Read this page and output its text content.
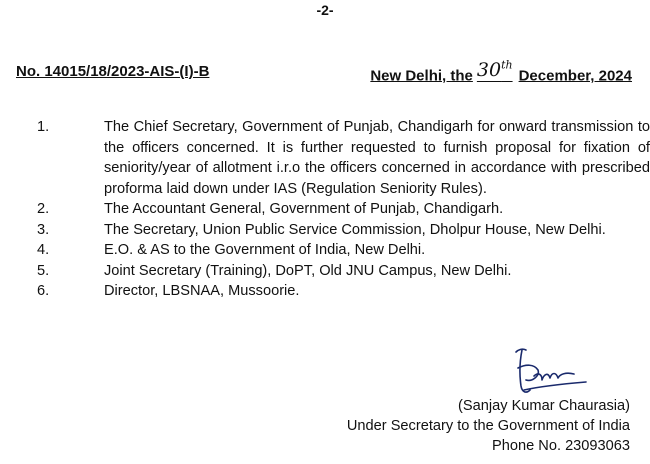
-2-
No. 14015/18/2023-AIS-(I)-B	New Delhi, the 30thDecember, 2024
1.	The Chief Secretary, Government of Punjab, Chandigarh for onward transmission to the officers concerned. It is further requested to furnish proposal for fixation of seniority/year of allotment i.r.o the officers concerned in accordance with prescribed proforma laid down under IAS (Regulation Seniority Rules).
2.	The Accountant General, Government of Punjab, Chandigarh.
3.	The Secretary, Union Public Service Commission, Dholpur House, New Delhi.
4.	E.O. & AS to the Government of India, New Delhi.
5.	Joint Secretary (Training), DoPT, Old JNU Campus, New Delhi.
6.	Director, LBSNAA, Mussoorie.
(Sanjay Kumar Chaurasia)
Under Secretary to the Government of India
Phone No. 23093063
